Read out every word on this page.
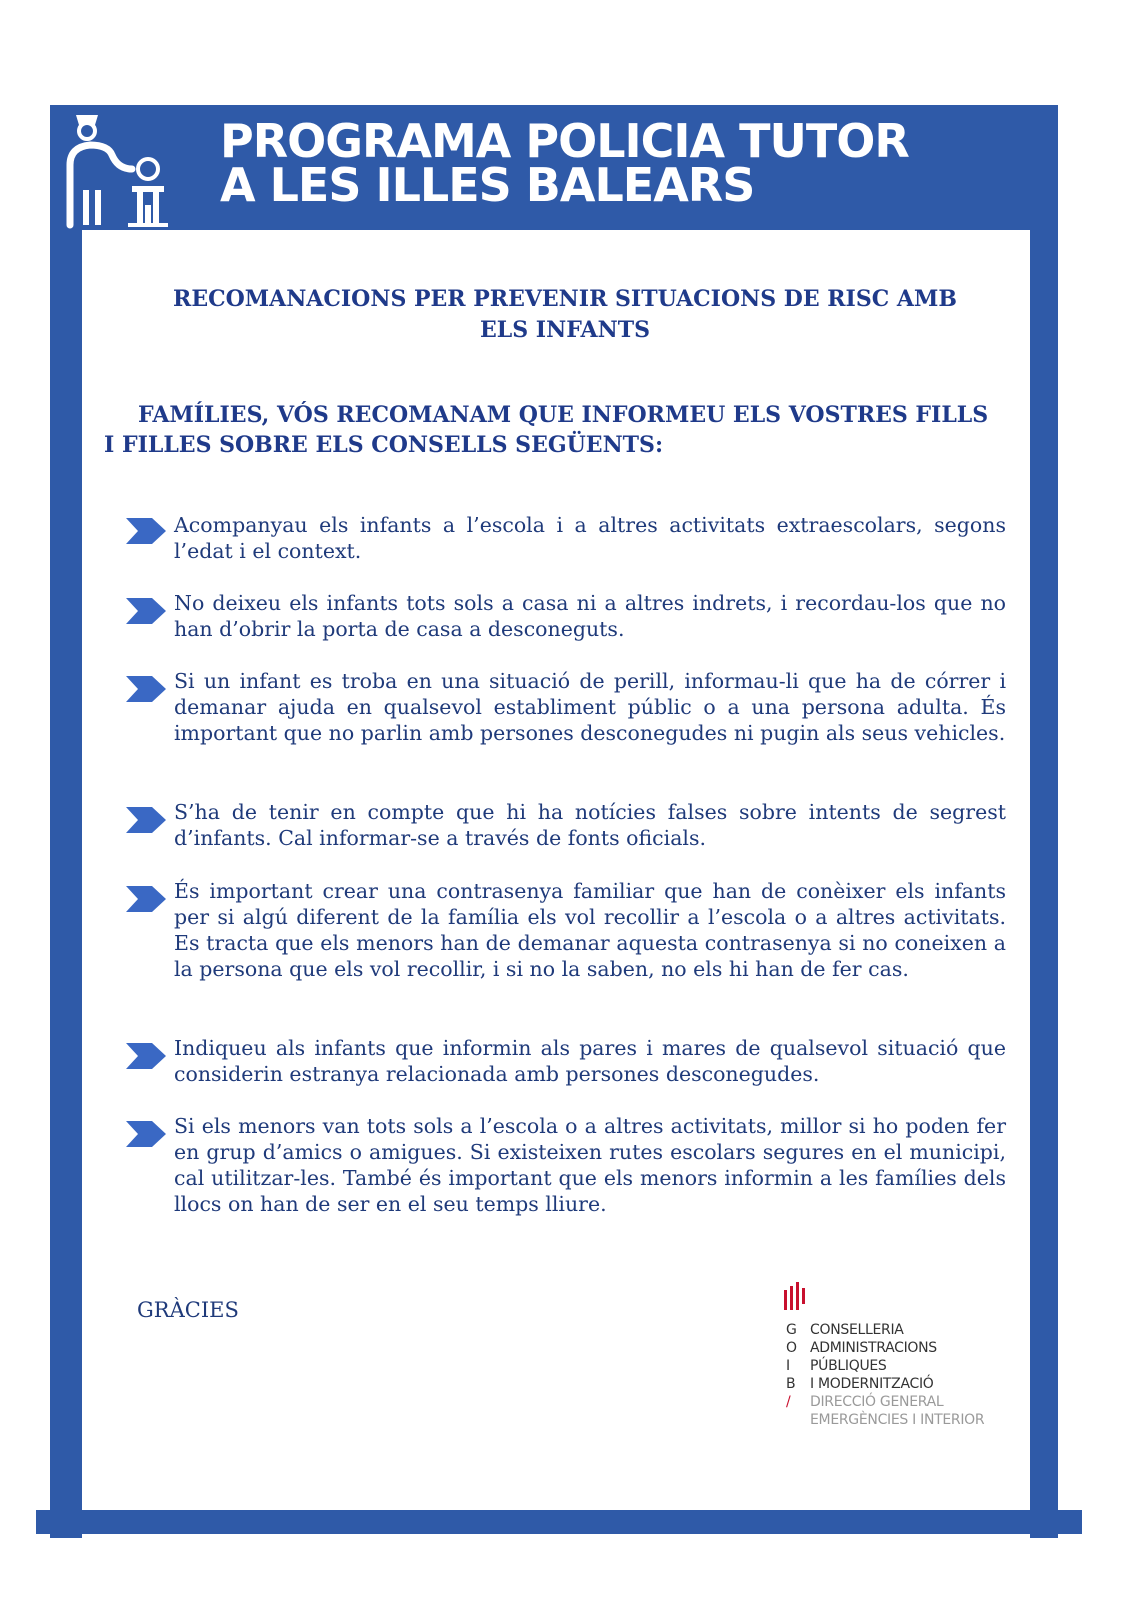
PROGRAMA POLICIA TUTOR
A LES ILLES BALEARS
RECOMANACIONS PER PREVENIR SITUACIONS DE RISC AMB
ELS INFANTS
FAMÍLIES, VÓS RECOMANAM QUE INFORMEU ELS VOSTRES FILLS
I FILLES SOBRE ELS CONSELLS SEGÜENTS:
Acompanyau els infants a l’escola i a altres activitats extraescolars, segons l’edat i el context.
No deixeu els infants tots sols a casa ni a altres indrets, i recordau-los que no han d’obrir la porta de casa a desconeguts.
Si un infant es troba en una situació de perill, informau-li que ha de córrer i demanar ajuda en qualsevol establiment públic o a una persona adulta. És important que no parlin amb persones desconegudes ni pugin als seus vehicles.
S’ha de tenir en compte que hi ha notícies falses sobre intents de segrest d’infants. Cal informar-se a través de fonts oficials.
És important crear una contrasenya familiar que han de conèixer els infants per si algú diferent de la família els vol recollir a l’escola o a altres activitats. Es tracta que els menors han de demanar aquesta contrasenya si no coneixen a la persona que els vol recollir, i si no la saben, no els hi han de fer cas.
Indiqueu als infants que informin als pares i mares de qualsevol situació que considerin estranya relacionada amb persones desconegudes.
Si els menors van tots sols a l’escola o a altres activitats, millor si ho poden fer en grup d’amics o amigues. Si existeixen rutes escolars segures en el municipi, cal utilitzar-les. També és important que els menors informin a les famílies dels llocs on han de ser en el seu temps lliure.
GRÀCIES
G CONSELLERIA
O ADMINISTRACIONS
I	PÚBLIQUES
B	I MODERNITZACIÓ
/	DIRECCIÓ GENERAL
EMERGÈNCIES I INTERIOR
